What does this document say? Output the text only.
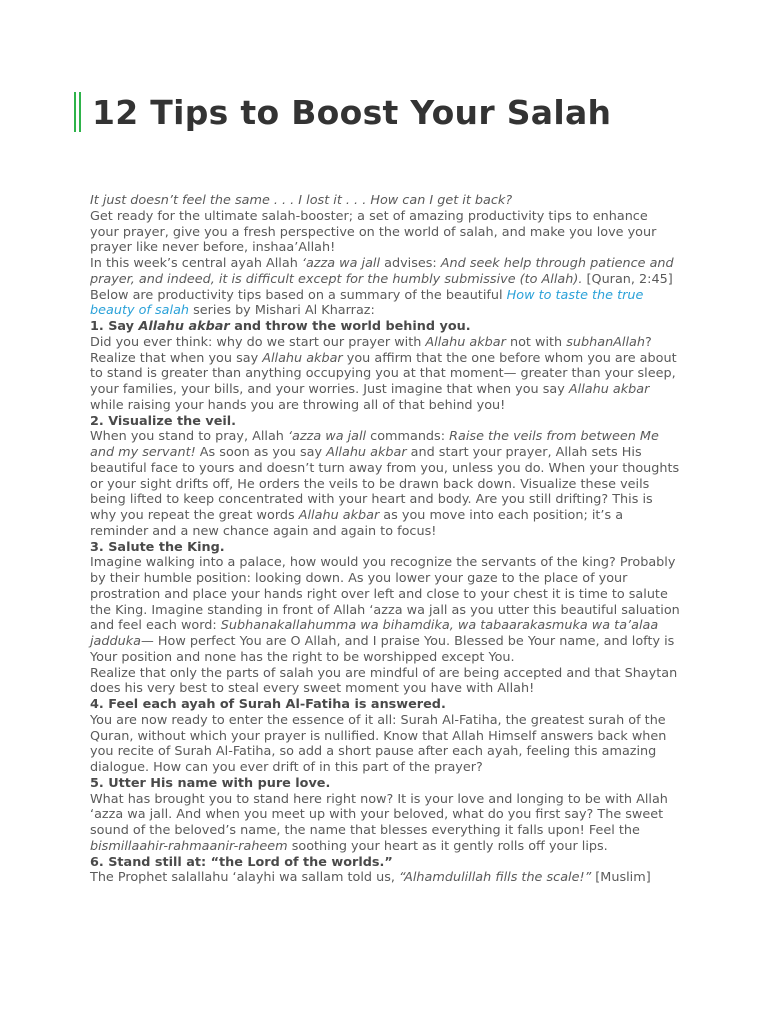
12 Tips to Boost Your Salah

It just doesn’t feel the same . . . I lost it . . . How can I get it back?

Get ready for the ultimate salah-booster; a set of amazing productivity tips to enhance your prayer, give you a fresh perspective on the world of salah, and make you love your prayer like never before, inshaa’Allah!

In this week’s central ayah Allah ‘azza wa jall advises: And seek help through patience and prayer, and indeed, it is difficult except for the humbly submissive (to Allah). [Quran, 2:45]

Below are productivity tips based on a summary of the beautiful How to taste the true beauty of salah series by Mishari Al Kharraz:

1. Say Allahu akbar and throw the world behind you.

Did you ever think: why do we start our prayer with Allahu akbar not with subhanAllah? Realize that when you say Allahu akbar you affirm that the one before whom you are about to stand is greater than anything occupying you at that moment— greater than your sleep, your families, your bills, and your worries. Just imagine that when you say Allahu akbar while raising your hands you are throwing all of that behind you!

2. Visualize the veil.

When you stand to pray, Allah ‘azza wa jall commands: Raise the veils from between Me and my servant! As soon as you say Allahu akbar and start your prayer, Allah sets His beautiful face to yours and doesn’t turn away from you, unless you do. When your thoughts or your sight drifts off, He orders the veils to be drawn back down. Visualize these veils being lifted to keep concentrated with your heart and body. Are you still drifting? This is why you repeat the great words Allahu akbar as you move into each position; it’s a reminder and a new chance again and again to focus!

3. Salute the King.

Imagine walking into a palace, how would you recognize the servants of the king? Probably by their humble position: looking down. As you lower your gaze to the place of your prostration and place your hands right over left and close to your chest it is time to salute the King. Imagine standing in front of Allah ‘azza wa jall as you utter this beautiful saluation and feel each word: Subhanakallahumma wa bihamdika, wa tabaarakasmuka wa ta’alaa jadduka— How perfect You are O Allah, and I praise You. Blessed be Your name, and lofty is Your position and none has the right to be worshipped except You.

Realize that only the parts of salah you are mindful of are being accepted and that Shaytan does his very best to steal every sweet moment you have with Allah!

4. Feel each ayah of Surah Al-Fatiha is answered.

You are now ready to enter the essence of it all: Surah Al-Fatiha, the greatest surah of the Quran, without which your prayer is nullified. Know that Allah Himself answers back when you recite of Surah Al-Fatiha, so add a short pause after each ayah, feeling this amazing dialogue. How can you ever drift of in this part of the prayer?

5. Utter His name with pure love.

What has brought you to stand here right now? It is your love and longing to be with Allah ‘azza wa jall. And when you meet up with your beloved, what do you first say? The sweet sound of the beloved’s name, the name that blesses everything it falls upon! Feel the bismillaahir-rahmaanir-raheem soothing your heart as it gently rolls off your lips.

6. Stand still at: “the Lord of the worlds.”

The Prophet salallahu ‘alayhi wa sallam told us, “Alhamdulillah fills the scale!” [Muslim]
